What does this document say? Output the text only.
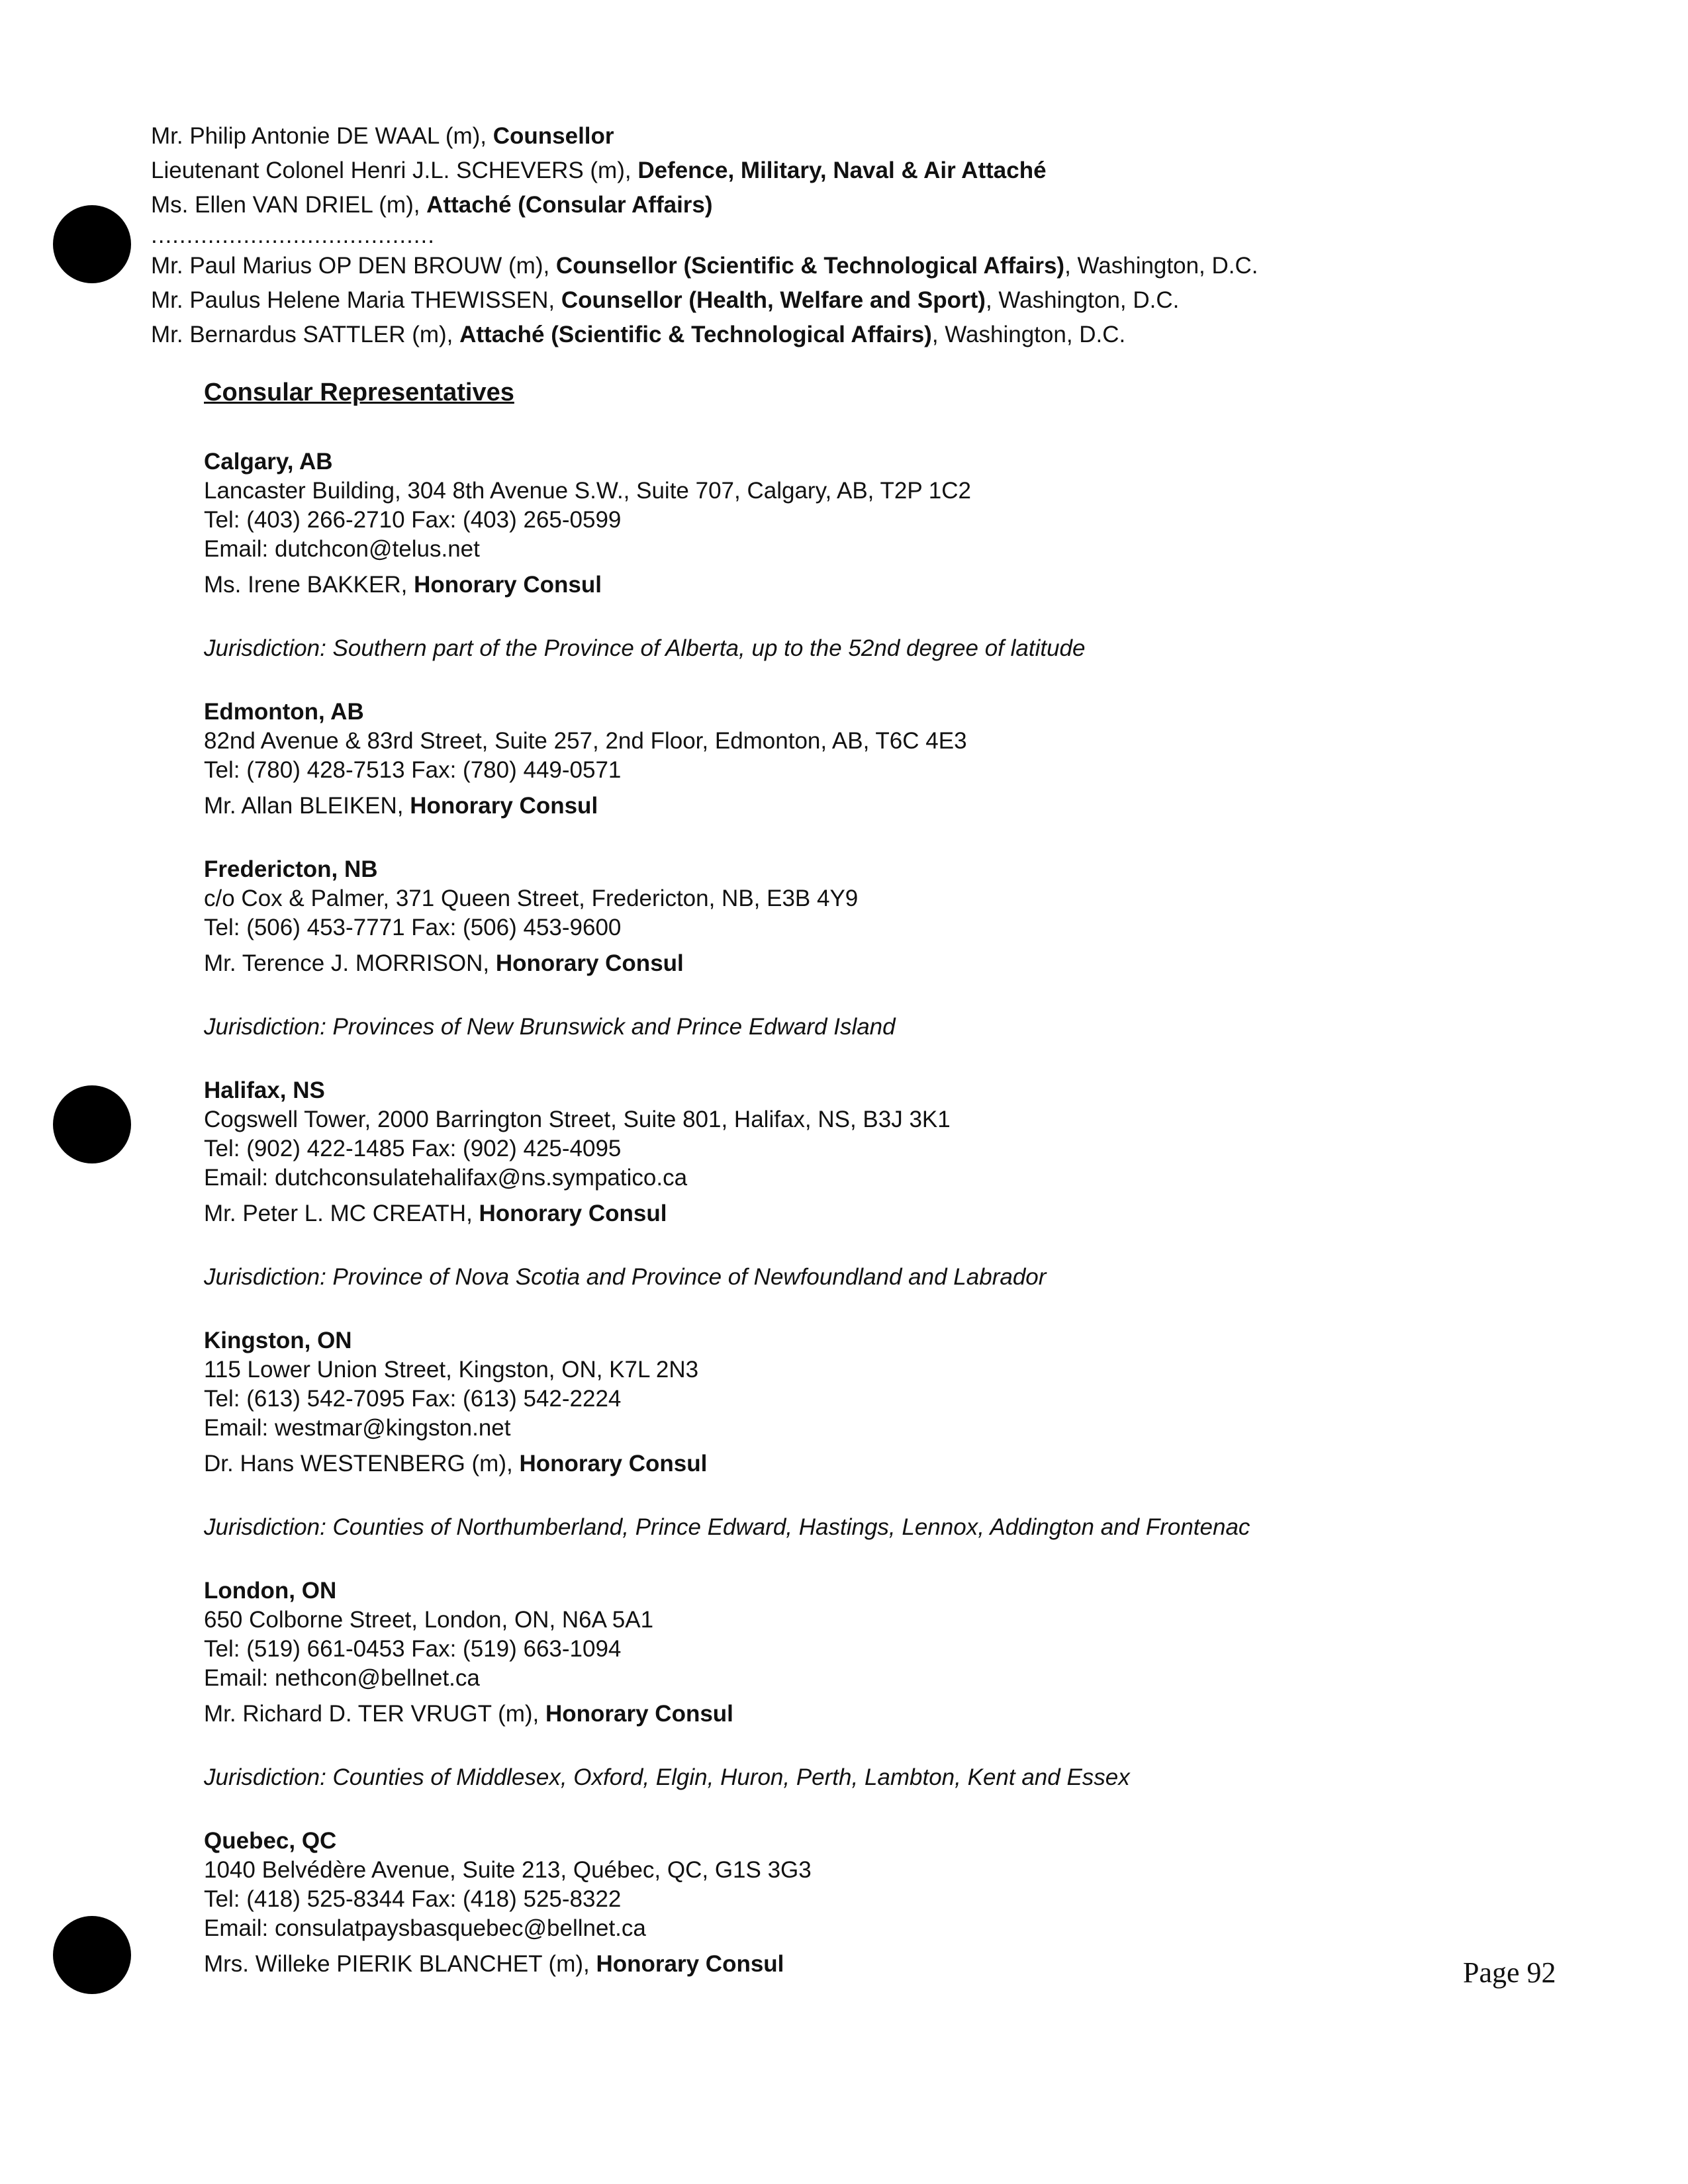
Mr. Philip Antonie DE WAAL (m), Counsellor
Lieutenant Colonel Henri J.L. SCHEVERS (m), Defence, Military, Naval & Air Attaché
Ms. Ellen VAN DRIEL (m), Attaché (Consular Affairs)
........................................
Mr. Paul Marius OP DEN BROUW (m), Counsellor (Scientific & Technological Affairs), Washington, D.C.
Mr. Paulus Helene Maria THEWISSEN, Counsellor (Health, Welfare and Sport), Washington, D.C.
Mr. Bernardus SATTLER (m), Attaché (Scientific & Technological Affairs), Washington, D.C.
Consular Representatives
Calgary, AB
Lancaster Building, 304 8th Avenue S.W., Suite 707, Calgary, AB, T2P 1C2
Tel: (403) 266-2710 Fax: (403) 265-0599
Email: dutchcon@telus.net
Ms. Irene BAKKER, Honorary Consul
Jurisdiction: Southern part of the Province of Alberta, up to the 52nd degree of latitude
Edmonton, AB
82nd Avenue & 83rd Street, Suite 257, 2nd Floor, Edmonton, AB, T6C 4E3
Tel: (780) 428-7513 Fax: (780) 449-0571
Mr. Allan BLEIKEN, Honorary Consul
Fredericton, NB
c/o Cox & Palmer, 371 Queen Street, Fredericton, NB, E3B 4Y9
Tel: (506) 453-7771 Fax: (506) 453-9600
Mr. Terence J. MORRISON, Honorary Consul
Jurisdiction: Provinces of New Brunswick and Prince Edward Island
Halifax, NS
Cogswell Tower, 2000 Barrington Street, Suite 801, Halifax, NS, B3J 3K1
Tel: (902) 422-1485 Fax: (902) 425-4095
Email: dutchconsulatehalifax@ns.sympatico.ca
Mr. Peter L. MC CREATH, Honorary Consul
Jurisdiction: Province of Nova Scotia and Province of Newfoundland and Labrador
Kingston, ON
115 Lower Union Street, Kingston, ON, K7L 2N3
Tel: (613) 542-7095 Fax: (613) 542-2224
Email: westmar@kingston.net
Dr. Hans WESTENBERG (m), Honorary Consul
Jurisdiction: Counties of Northumberland, Prince Edward, Hastings, Lennox, Addington and Frontenac
London, ON
650 Colborne Street, London, ON, N6A 5A1
Tel: (519) 661-0453 Fax: (519) 663-1094
Email: nethcon@bellnet.ca
Mr. Richard D. TER VRUGT (m), Honorary Consul
Jurisdiction: Counties of Middlesex, Oxford, Elgin, Huron, Perth, Lambton, Kent and Essex
Quebec, QC
1040 Belvédère Avenue, Suite 213, Québec, QC, G1S 3G3
Tel: (418) 525-8344 Fax: (418) 525-8322
Email: consulatpaysbasquebec@bellnet.ca
Mrs. Willeke PIERIK BLANCHET (m), Honorary Consul	Page 92
